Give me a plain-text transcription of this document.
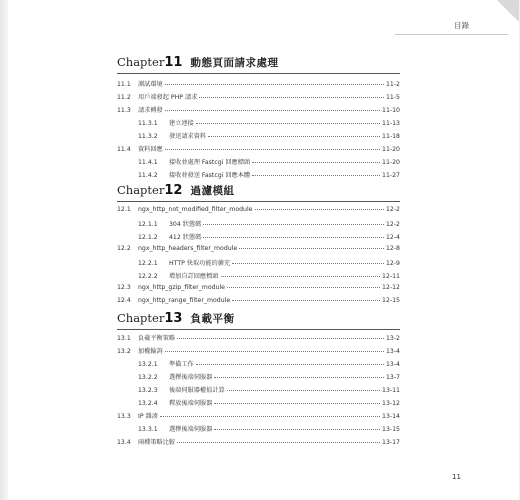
目錄
Chapter 11 動態頁面請求處理
11.1	測試環境	11-2
11.2	用戶端發起 PHP 請求	11-5
11.3	請求轉發	11-10
11.3.1	建立連接	11-13
11.3.2	發送請求資料	11-18
11.4	資料回應	11-20
11.4.1	接收並處理 Fastcgi 回應標頭	11-20
11.4.2	接收並發送 Fastcgi 回應本體	11-27
Chapter 12 過濾模組
12.1	ngx_http_not_modified_filter_module	12-2
12.1.1	304 狀態碼	12-2
12.1.2	412 狀態碼	12-4
12.2	ngx_http_headers_filter_module	12-8
12.2.1	HTTP 快取功能的擴充	12-9
12.2.2	增加自訂回應標頭	12-11
12.3	ngx_http_gzip_filter_module	12-12
12.4	ngx_http_range_filter_module	12-15
Chapter 13 負載平衡
13.1	負載平衡策略	13-2
13.2	加權輪詢	13-4
13.2.1	準備工作	13-4
13.2.2	選擇後端伺服器	13-7
13.2.3	後端伺服器權值計算	13-11
13.2.4	釋放後端伺服器	13-12
13.3	IP 雜湊	13-14
13.3.1	選擇後端伺服器	13-15
13.4	兩種策略比較	13-17
11
